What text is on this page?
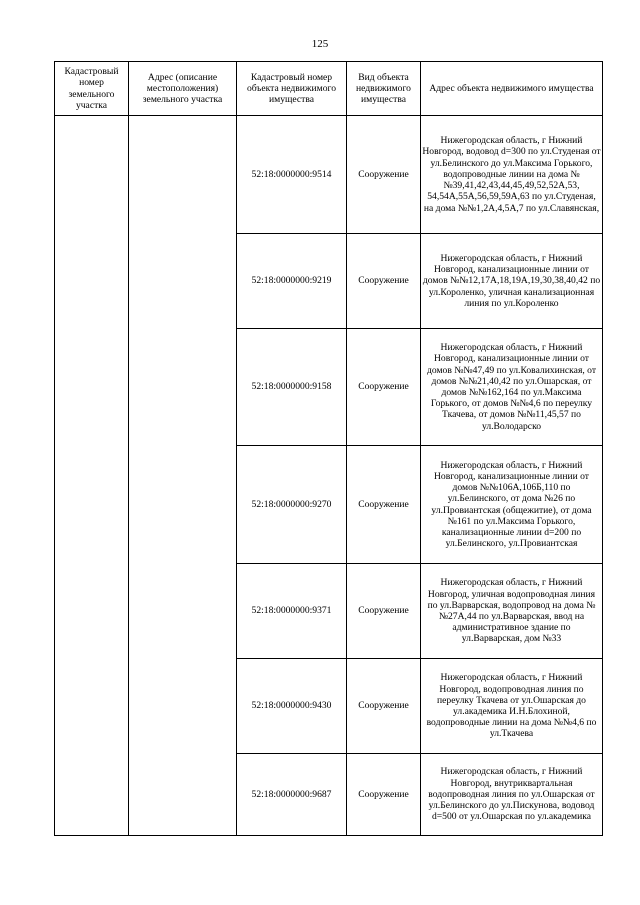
125
Кадастровый номер земельного участка	Адрес (описание местоположения) земельного участка	Кадастровый номер объекта недвижимого имущества	Вид объекта недвижимого имущества	Адрес объекта недвижимого имущества
		52:18:0000000:9514	Сооружение	Нижегородская область, г Нижний Новгород, водовод d=300 по ул.Студеная от ул.Белинского до ул.Максима Горького, водопроводные линии на дома №№39,41,42,43,44,45,49,52,52А,53, 54,54А,55А,56,59,59А,63 по ул.Студеная, на дома №№1,2А,4,5А,7 по ул.Славянская,
		52:18:0000000:9219	Сооружение	Нижегородская область, г Нижний Новгород, канализационные линии от домов №№12,17А,18,19А,19,30,38,40,42 по ул.Короленко, уличная канализационная линия по ул.Короленко
		52:18:0000000:9158	Сооружение	Нижегородская область, г Нижний Новгород, канализационные линии от домов №№47,49 по ул.Ковалихинская, от домов №№21,40,42 по ул.Ошарская, от домов №№162,164 по ул.Максима Горького, от домов №№4,6 по переулку Ткачева, от домов №№11,45,57 по ул.Володарско
		52:18:0000000:9270	Сооружение	Нижегородская область, г Нижний Новгород, канализационные линии от домов №№106А,106Б,110 по ул.Белинского, от дома №26 по ул.Провиантская (общежитие), от дома №161 по ул.Максима Горького, канализационные линии d=200 по ул.Белинского, ул.Провиантская
		52:18:0000000:9371	Сооружение	Нижегородская область, г Нижний Новгород, уличная водопроводная линия по ул.Варварская, водопровод на дома №№27А,44 по ул.Варварская, ввод на административное здание по ул.Варварская, дом №33
		52:18:0000000:9430	Сооружение	Нижегородская область, г Нижний Новгород, водопроводная линия по переулку Ткачева от ул.Ошарская до ул.академика И.Н.Блохиной, водопроводные линии на дома №№4,6 по ул.Ткачева
		52:18:0000000:9687	Сооружение	Нижегородская область, г Нижний Новгород, внутриквартальная водопроводная линия по ул.Ошарская от ул.Белинского до ул.Пискунова, водовод d=500 от ул.Ошарская по ул.академика
